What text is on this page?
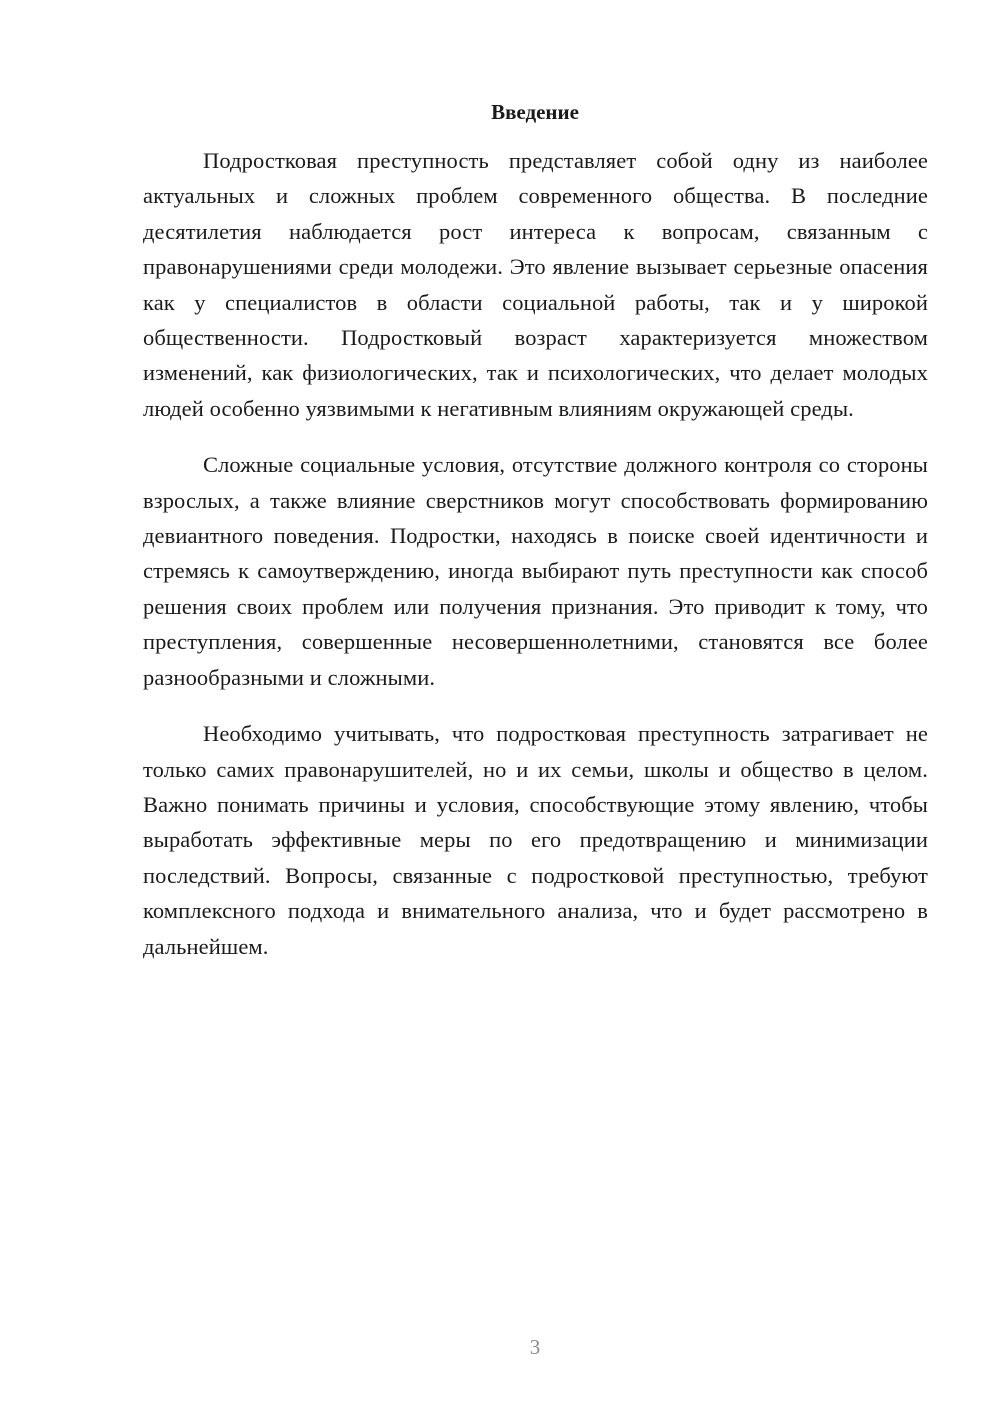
Введение

Подростковая преступность представляет собой одну из наиболее актуальных и сложных проблем современного общества. В последние десятилетия наблюдается рост интереса к вопросам, связанным с правонарушениями среди молодежи. Это явление вызывает серьезные опасения как у специалистов в области социальной работы, так и у широкой общественности. Подростковый возраст характеризуется множеством изменений, как физиологических, так и психологических, что делает молодых людей особенно уязвимыми к негативным влияниям окружающей среды.

Сложные социальные условия, отсутствие должного контроля со стороны взрослых, а также влияние сверстников могут способствовать формированию девиантного поведения. Подростки, находясь в поиске своей идентичности и стремясь к самоутверждению, иногда выбирают путь преступности как способ решения своих проблем или получения признания. Это приводит к тому, что преступления, совершенные несовершеннолетними, становятся все более разнообразными и сложными.

Необходимо учитывать, что подростковая преступность затрагивает не только самих правонарушителей, но и их семьи, школы и общество в целом. Важно понимать причины и условия, способствующие этому явлению, чтобы выработать эффективные меры по его предотвращению и минимизации последствий. Вопросы, связанные с подростковой преступностью, требуют комплексного подхода и внимательного анализа, что и будет рассмотрено в дальнейшем.

3
